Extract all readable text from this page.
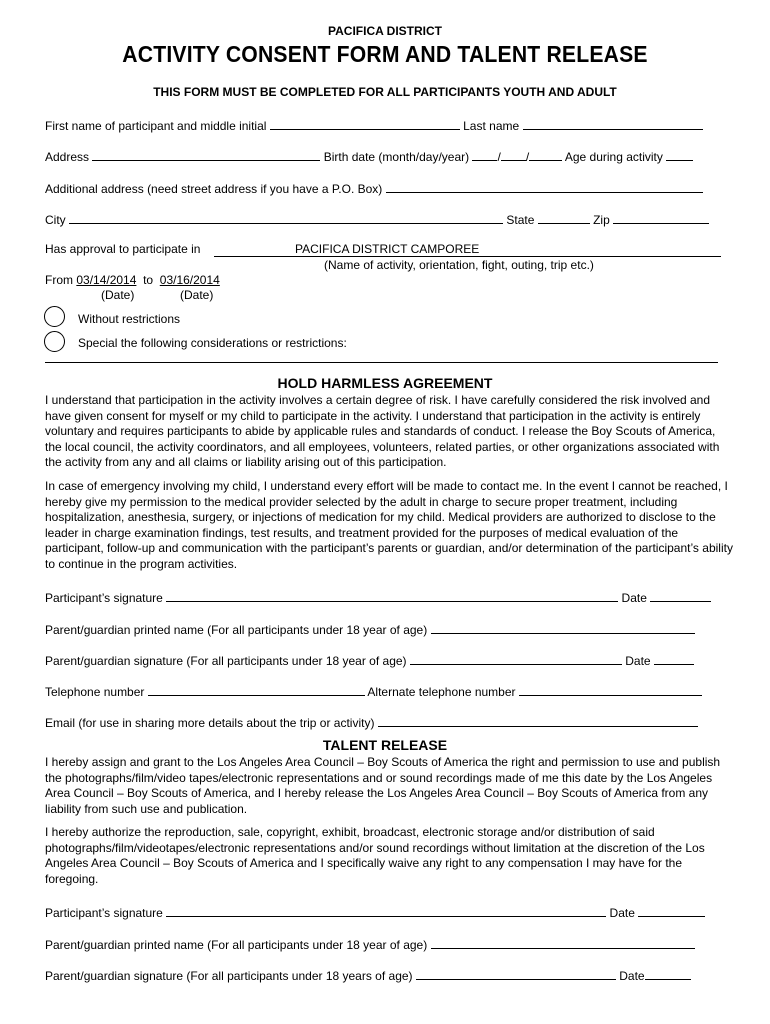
PACIFICA DISTRICT
ACTIVITY CONSENT FORM AND TALENT RELEASE
THIS FORM MUST BE COMPLETED FOR ALL PARTICIPANTS YOUTH AND ADULT
First name of participant and middle initial	Last name
Address	Birth date (month/day/year) / /	Age during activity
Additional address (need street address if you have a P.O. Box)
City	State	Zip
Has approval to participate in	PACIFICA DISTRICT CAMPOREE
(Name of activity, orientation, fight, outing, trip etc.)
From 03/14/2014 to 03/16/2014
(Date)	(Date)
Without restrictions
Special the following considerations or restrictions:
HOLD HARMLESS AGREEMENT
I understand that participation in the activity involves a certain degree of risk. I have carefully considered the risk involved and have given consent for myself or my child to participate in the activity. I understand that participation in the activity is entirely voluntary and requires participants to abide by applicable rules and standards of conduct. I release the Boy Scouts of America, the local council, the activity coordinators, and all employees, volunteers, related parties, or other organizations associated with the activity from any and all claims or liability arising out of this participation.
In case of emergency involving my child, I understand every effort will be made to contact me. In the event I cannot be reached, I hereby give my permission to the medical provider selected by the adult in charge to secure proper treatment, including hospitalization, anesthesia, surgery, or injections of medication for my child. Medical providers are authorized to disclose to the leader in charge examination findings, test results, and treatment provided for the purposes of medical evaluation of the participant, follow-up and communication with the participant’s parents or guardian, and/or determination of the participant’s ability to continue in the program activities.
Participant’s signature	Date
Parent/guardian printed name (For all participants under 18 year of age)
Parent/guardian signature (For all participants under 18 year of age)	Date
Telephone number	Alternate telephone number
Email (for use in sharing more details about the trip or activity)
TALENT RELEASE
I hereby assign and grant to the Los Angeles Area Council – Boy Scouts of America the right and permission to use and publish the photographs/film/video tapes/electronic representations and or sound recordings made of me this date by the Los Angeles Area Council – Boy Scouts of America, and I hereby release the Los Angeles Area Council – Boy Scouts of America from any liability from such use and publication.
I hereby authorize the reproduction, sale, copyright, exhibit, broadcast, electronic storage and/or distribution of said photographs/film/videotapes/electronic representations and/or sound recordings without limitation at the discretion of the Los Angeles Area Council – Boy Scouts of America and I specifically waive any right to any compensation I may have for the foregoing.
Participant’s signature	Date
Parent/guardian printed name (For all participants under 18 year of age)
Parent/guardian signature (For all participants under 18 years of age)	Date
